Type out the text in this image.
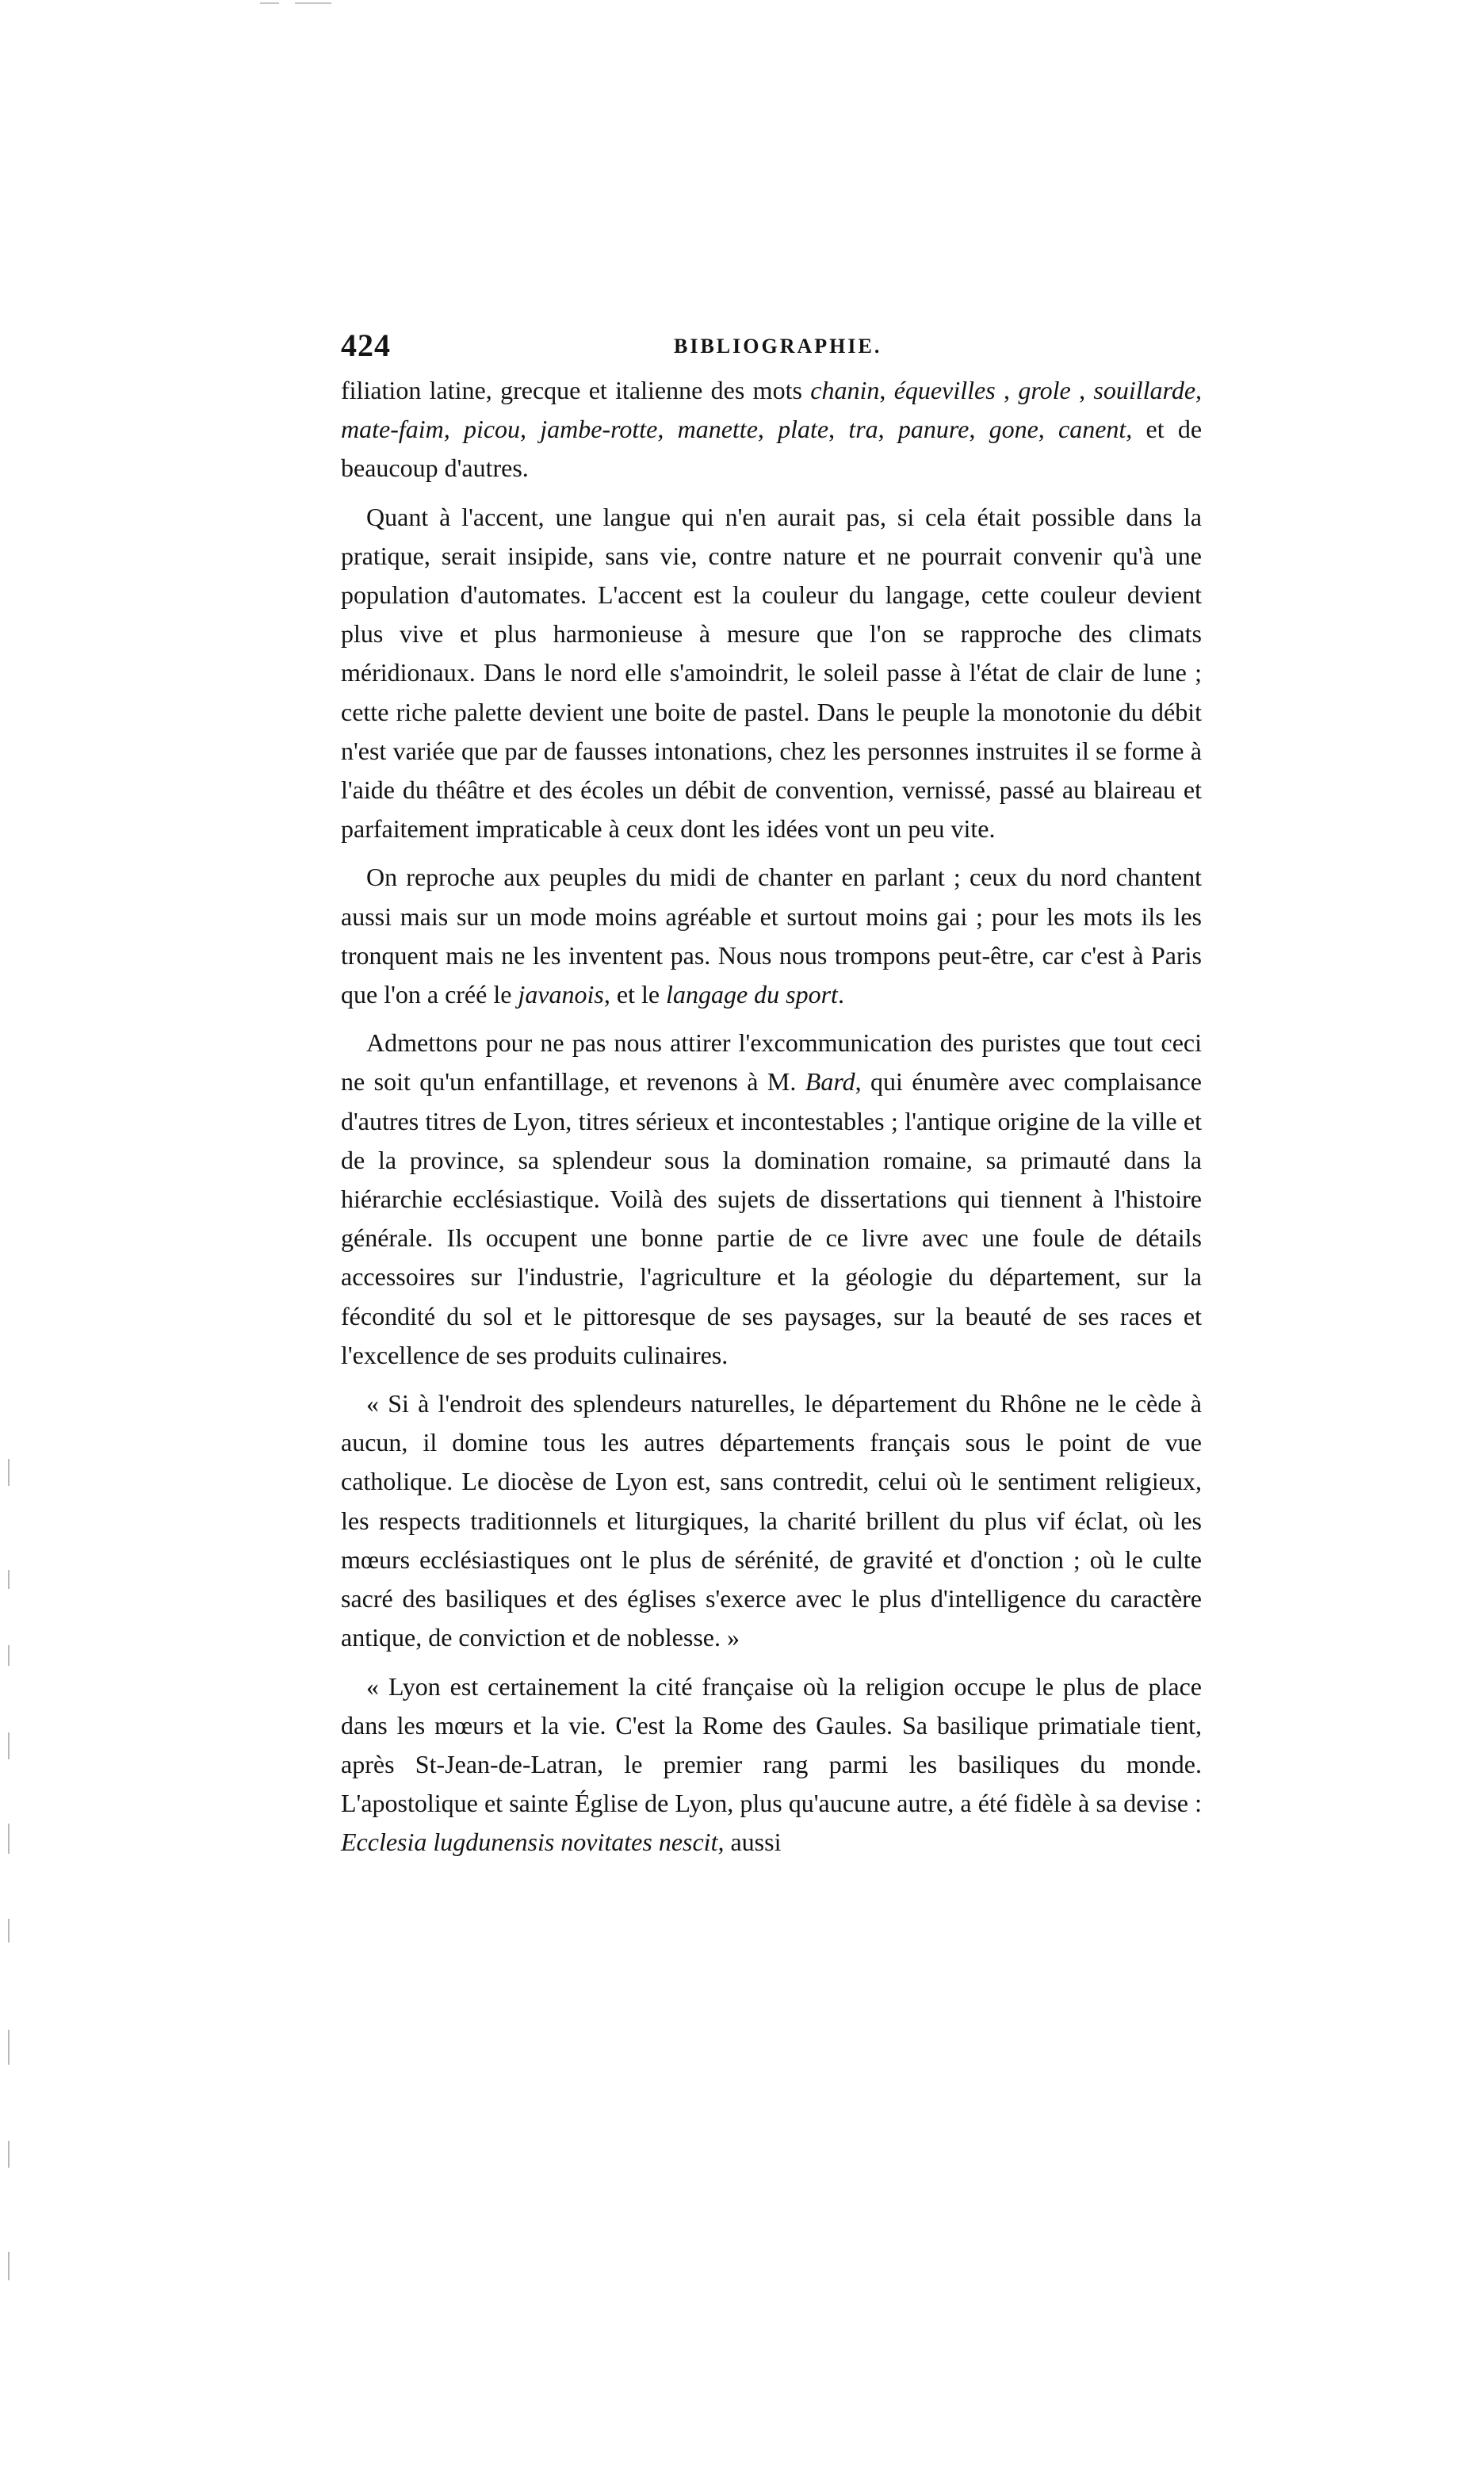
424	BIBLIOGRAPHIE.

filiation latine, grecque et italienne des mots chanin, équevilles , grole , souillarde, mate-faim, picou, jambe-rotte, manette, plate, tra, panure, gone, canent, et de beaucoup d'autres.

Quant à l'accent, une langue qui n'en aurait pas, si cela était possible dans la pratique, serait insipide, sans vie, contre nature et ne pourrait convenir qu'à une population d'automates. L'accent est la couleur du langage, cette couleur devient plus vive et plus harmonieuse à mesure que l'on se rapproche des climats méridionaux. Dans le nord elle s'amoindrit, le soleil passe à l'état de clair de lune ; cette riche palette devient une boite de pastel. Dans le peuple la monotonie du débit n'est variée que par de fausses intonations, chez les personnes instruites il se forme à l'aide du théâtre et des écoles un débit de convention, vernissé, passé au blaireau et parfaitement impraticable à ceux dont les idées vont un peu vite.

On reproche aux peuples du midi de chanter en parlant ; ceux du nord chantent aussi mais sur un mode moins agréable et surtout moins gai ; pour les mots ils les tronquent mais ne les inventent pas. Nous nous trompons peut-être, car c'est à Paris que l'on a créé le javanois, et le langage du sport.

Admettons pour ne pas nous attirer l'excommunication des puristes que tout ceci ne soit qu'un enfantillage, et revenons à M. Bard, qui énumère avec complaisance d'autres titres de Lyon, titres sérieux et incontestables ; l'antique origine de la ville et de la province, sa splendeur sous la domination romaine, sa primauté dans la hiérarchie ecclésiastique. Voilà des sujets de dissertations qui tiennent à l'histoire générale. Ils occupent une bonne partie de ce livre avec une foule de détails accessoires sur l'industrie, l'agriculture et la géologie du département, sur la fécondité du sol et le pittoresque de ses paysages, sur la beauté de ses races et l'excellence de ses produits culinaires.

« Si à l'endroit des splendeurs naturelles, le département du Rhône ne le cède à aucun, il domine tous les autres départements français sous le point de vue catholique. Le diocèse de Lyon est, sans contredit, celui où le sentiment religieux, les respects traditionnels et liturgiques, la charité brillent du plus vif éclat, où les mœurs ecclésiastiques ont le plus de sérénité, de gravité et d'onction ; où le culte sacré des basiliques et des églises s'exerce avec le plus d'intelligence du caractère antique, de conviction et de noblesse. »

« Lyon est certainement la cité française où la religion occupe le plus de place dans les mœurs et la vie. C'est la Rome des Gaules. Sa basilique primatiale tient, après St-Jean-de-Latran, le premier rang parmi les basiliques du monde. L'apostolique et sainte Église de Lyon, plus qu'aucune autre, a été fidèle à sa devise : Ecclesia lugdunensis novitates nescit, aussi
